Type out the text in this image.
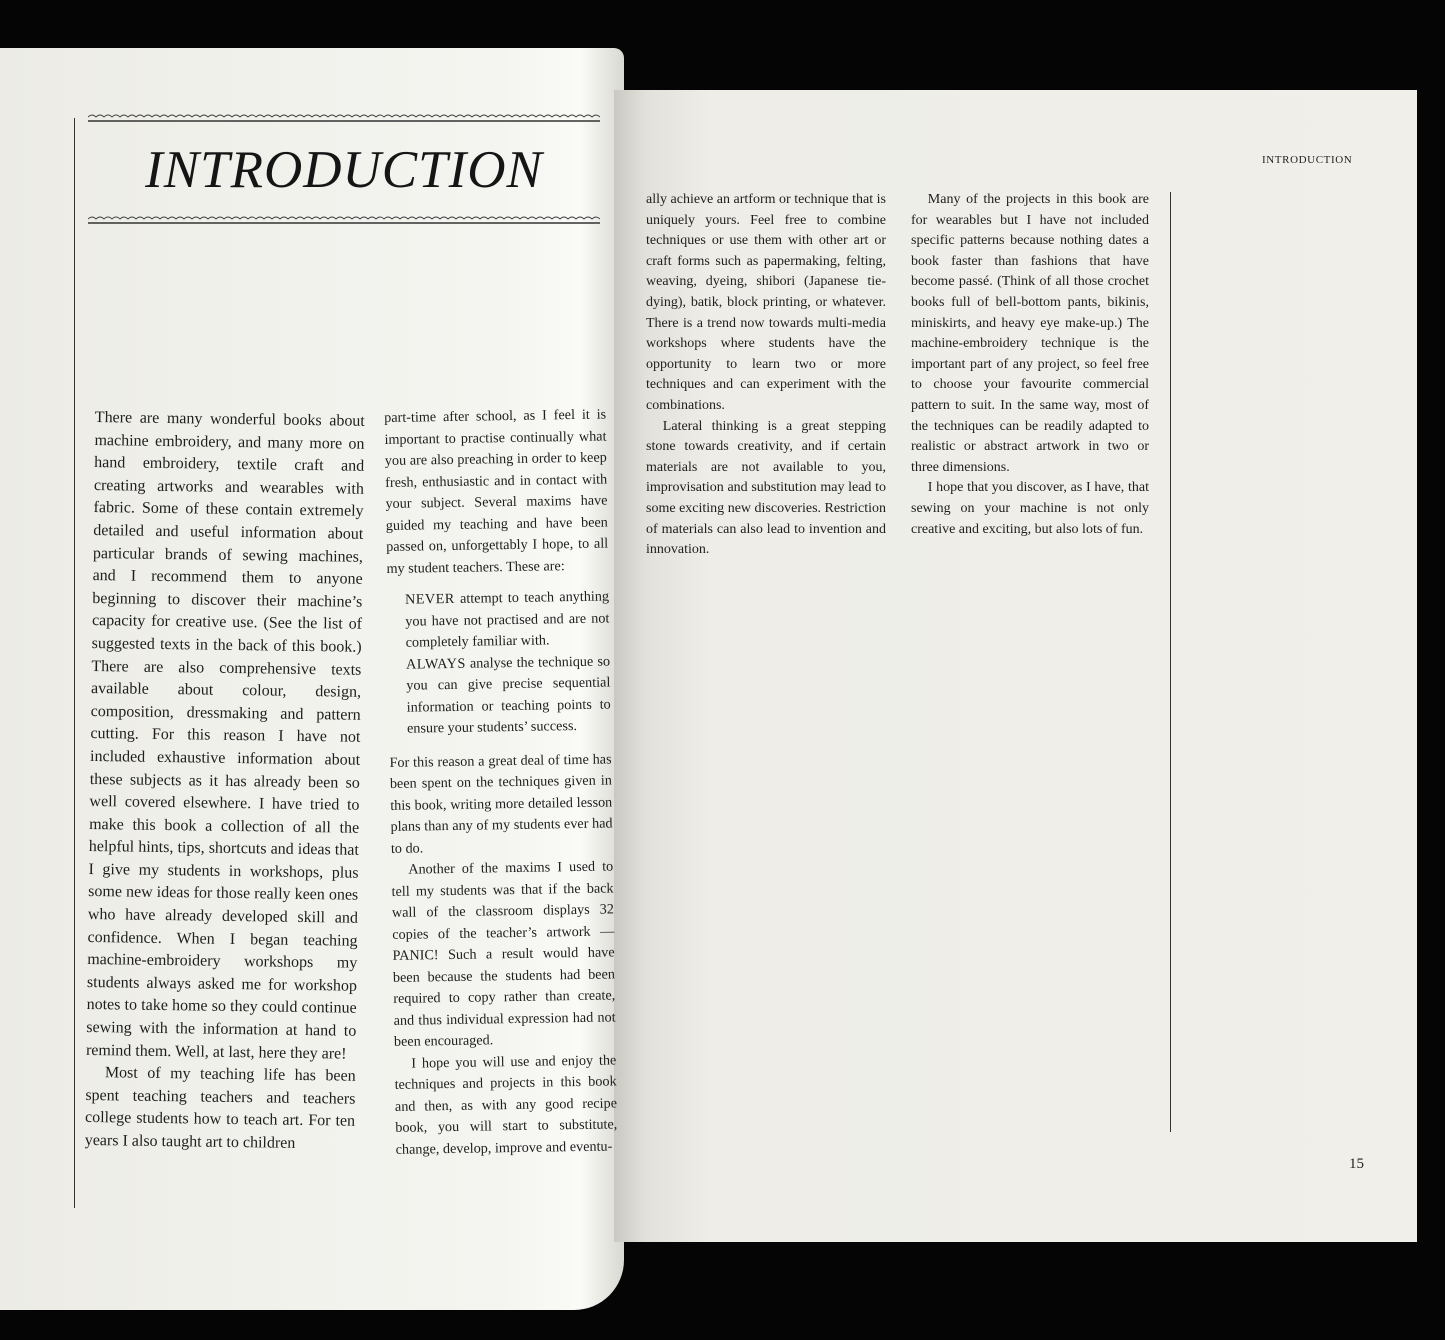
INTRODUCTION

There are many wonderful books about machine embroidery, and many more on hand embroidery, textile craft and creating artworks and wearables with fabric. Some of these contain extremely detailed and useful information about particular brands of sewing machines, and I recommend them to anyone beginning to discover their machine’s capacity for creative use. (See the list of suggested texts in the back of this book.) There are also comprehensive texts available about colour, design, composition, dressmaking and pattern cutting. For this reason I have not included exhaustive information about these subjects as it has already been so well covered elsewhere. I have tried to make this book a collection of all the helpful hints, tips, shortcuts and ideas that I give my students in workshops, plus some new ideas for those really keen ones who have already developed skill and confidence. When I began teaching machine-embroidery workshops my students always asked me for workshop notes to take home so they could continue sewing with the information at hand to remind them. Well, at last, here they are!

Most of my teaching life has been spent teaching teachers and teachers college students how to teach art. For ten years I also taught art to children

part-time after school, as I feel it is important to practise continually what you are also preaching in order to keep fresh, enthusiastic and in contact with your subject. Several maxims have guided my teaching and have been passed on, unforgettably I hope, to all my student teachers. These are:

NEVER attempt to teach anything you have not practised and are not completely familiar with.

ALWAYS analyse the technique so you can give precise sequential information or teaching points to ensure your students’ success.

For this reason a great deal of time has been spent on the techniques given in this book, writing more detailed lesson plans than any of my students ever had to do.

Another of the maxims I used to tell my students was that if the back wall of the classroom displays 32 copies of the teacher’s artwork — PANIC! Such a result would have been because the students had been required to copy rather than create, and thus individual expression had not been encouraged.

I hope you will use and enjoy the techniques and projects in this book and then, as with any good recipe book, you will start to substitute, change, develop, improve and eventu-

INTRODUCTION

ally achieve an artform or technique that is uniquely yours. Feel free to combine techniques or use them with other art or craft forms such as papermaking, felting, weaving, dyeing, shibori (Japanese tie-dying), batik, block printing, or whatever. There is a trend now towards multi-media workshops where students have the opportunity to learn two or more techniques and can experiment with the combinations.

Lateral thinking is a great stepping stone towards creativity, and if certain materials are not available to you, improvisation and substitution may lead to some exciting new discoveries. Restriction of materials can also lead to invention and innovation.

Many of the projects in this book are for wearables but I have not included specific patterns because nothing dates a book faster than fashions that have become passé. (Think of all those crochet books full of bell-bottom pants, bikinis, miniskirts, and heavy eye make-up.) The machine-embroidery technique is the important part of any project, so feel free to choose your favourite commercial pattern to suit. In the same way, most of the techniques can be readily adapted to realistic or abstract artwork in two or three dimensions.

I hope that you discover, as I have, that sewing on your machine is not only creative and exciting, but also lots of fun.

15
